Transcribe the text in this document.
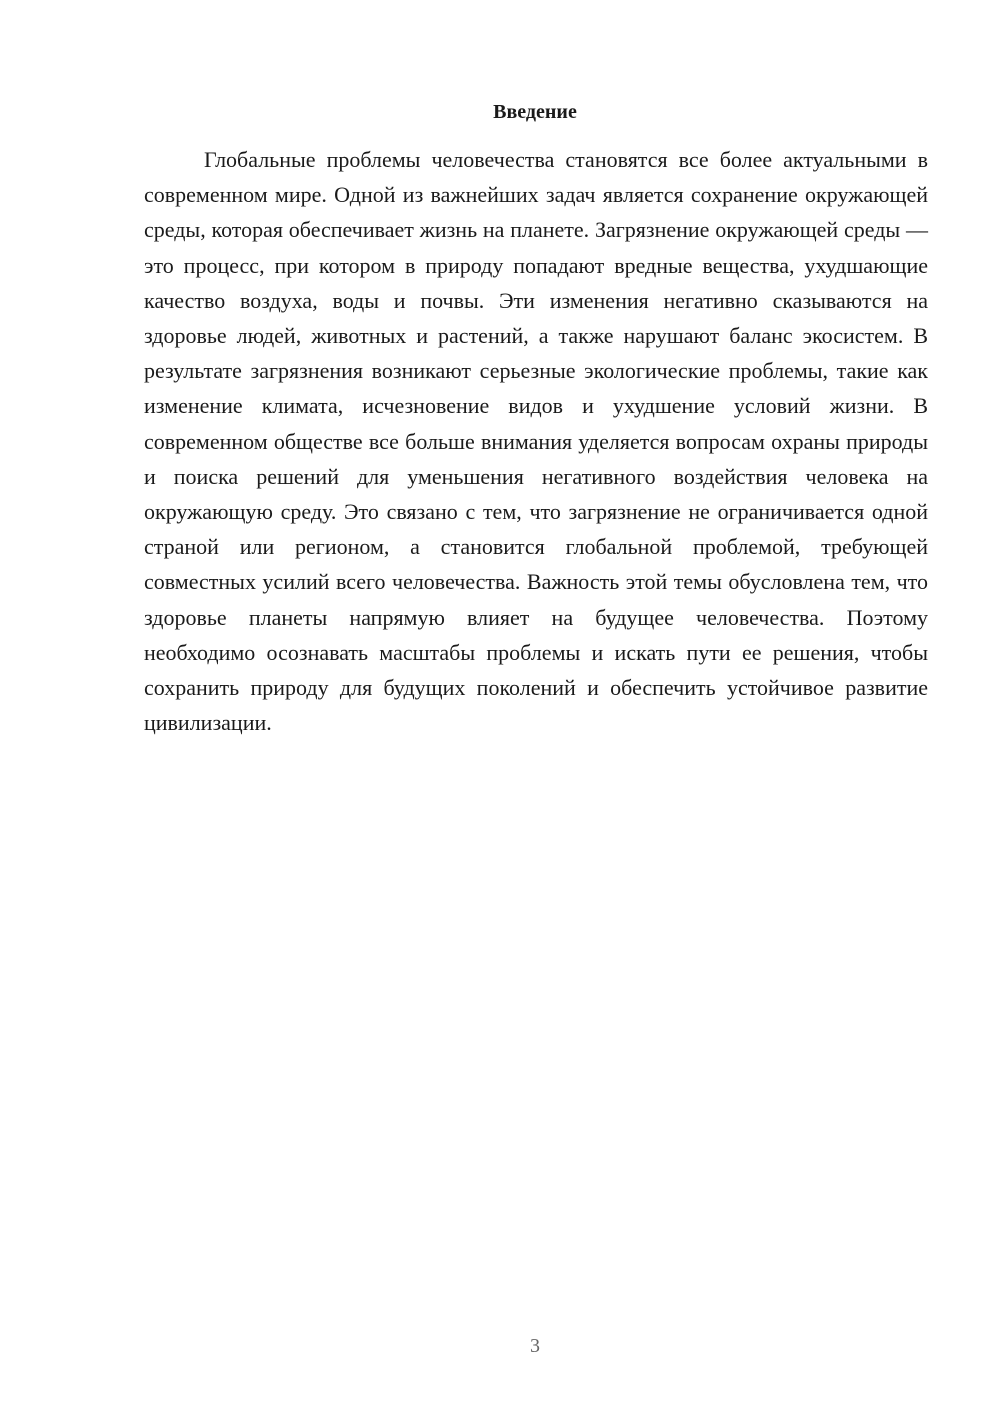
Введение

Глобальные проблемы человечества становятся все более актуальными в современном мире. Одной из важнейших задач является сохранение окружающей среды, которая обеспечивает жизнь на планете. Загрязнение окружающей среды — это процесс, при котором в природу попадают вредные вещества, ухудшающие качество воздуха, воды и почвы. Эти изменения негативно сказываются на здоровье людей, животных и растений, а также нарушают баланс экосистем. В результате загрязнения возникают серьезные экологические проблемы, такие как изменение климата, исчезновение видов и ухудшение условий жизни. В современном обществе все больше внимания уделяется вопросам охраны природы и поиска решений для уменьшения негативного воздействия человека на окружающую среду. Это связано с тем, что загрязнение не ограничивается одной страной или регионом, а становится глобальной проблемой, требующей совместных усилий всего человечества. Важность этой темы обусловлена тем, что здоровье планеты напрямую влияет на будущее человечества. Поэтому необходимо осознавать масштабы проблемы и искать пути ее решения, чтобы сохранить природу для будущих поколений и обеспечить устойчивое развитие цивилизации.

3
